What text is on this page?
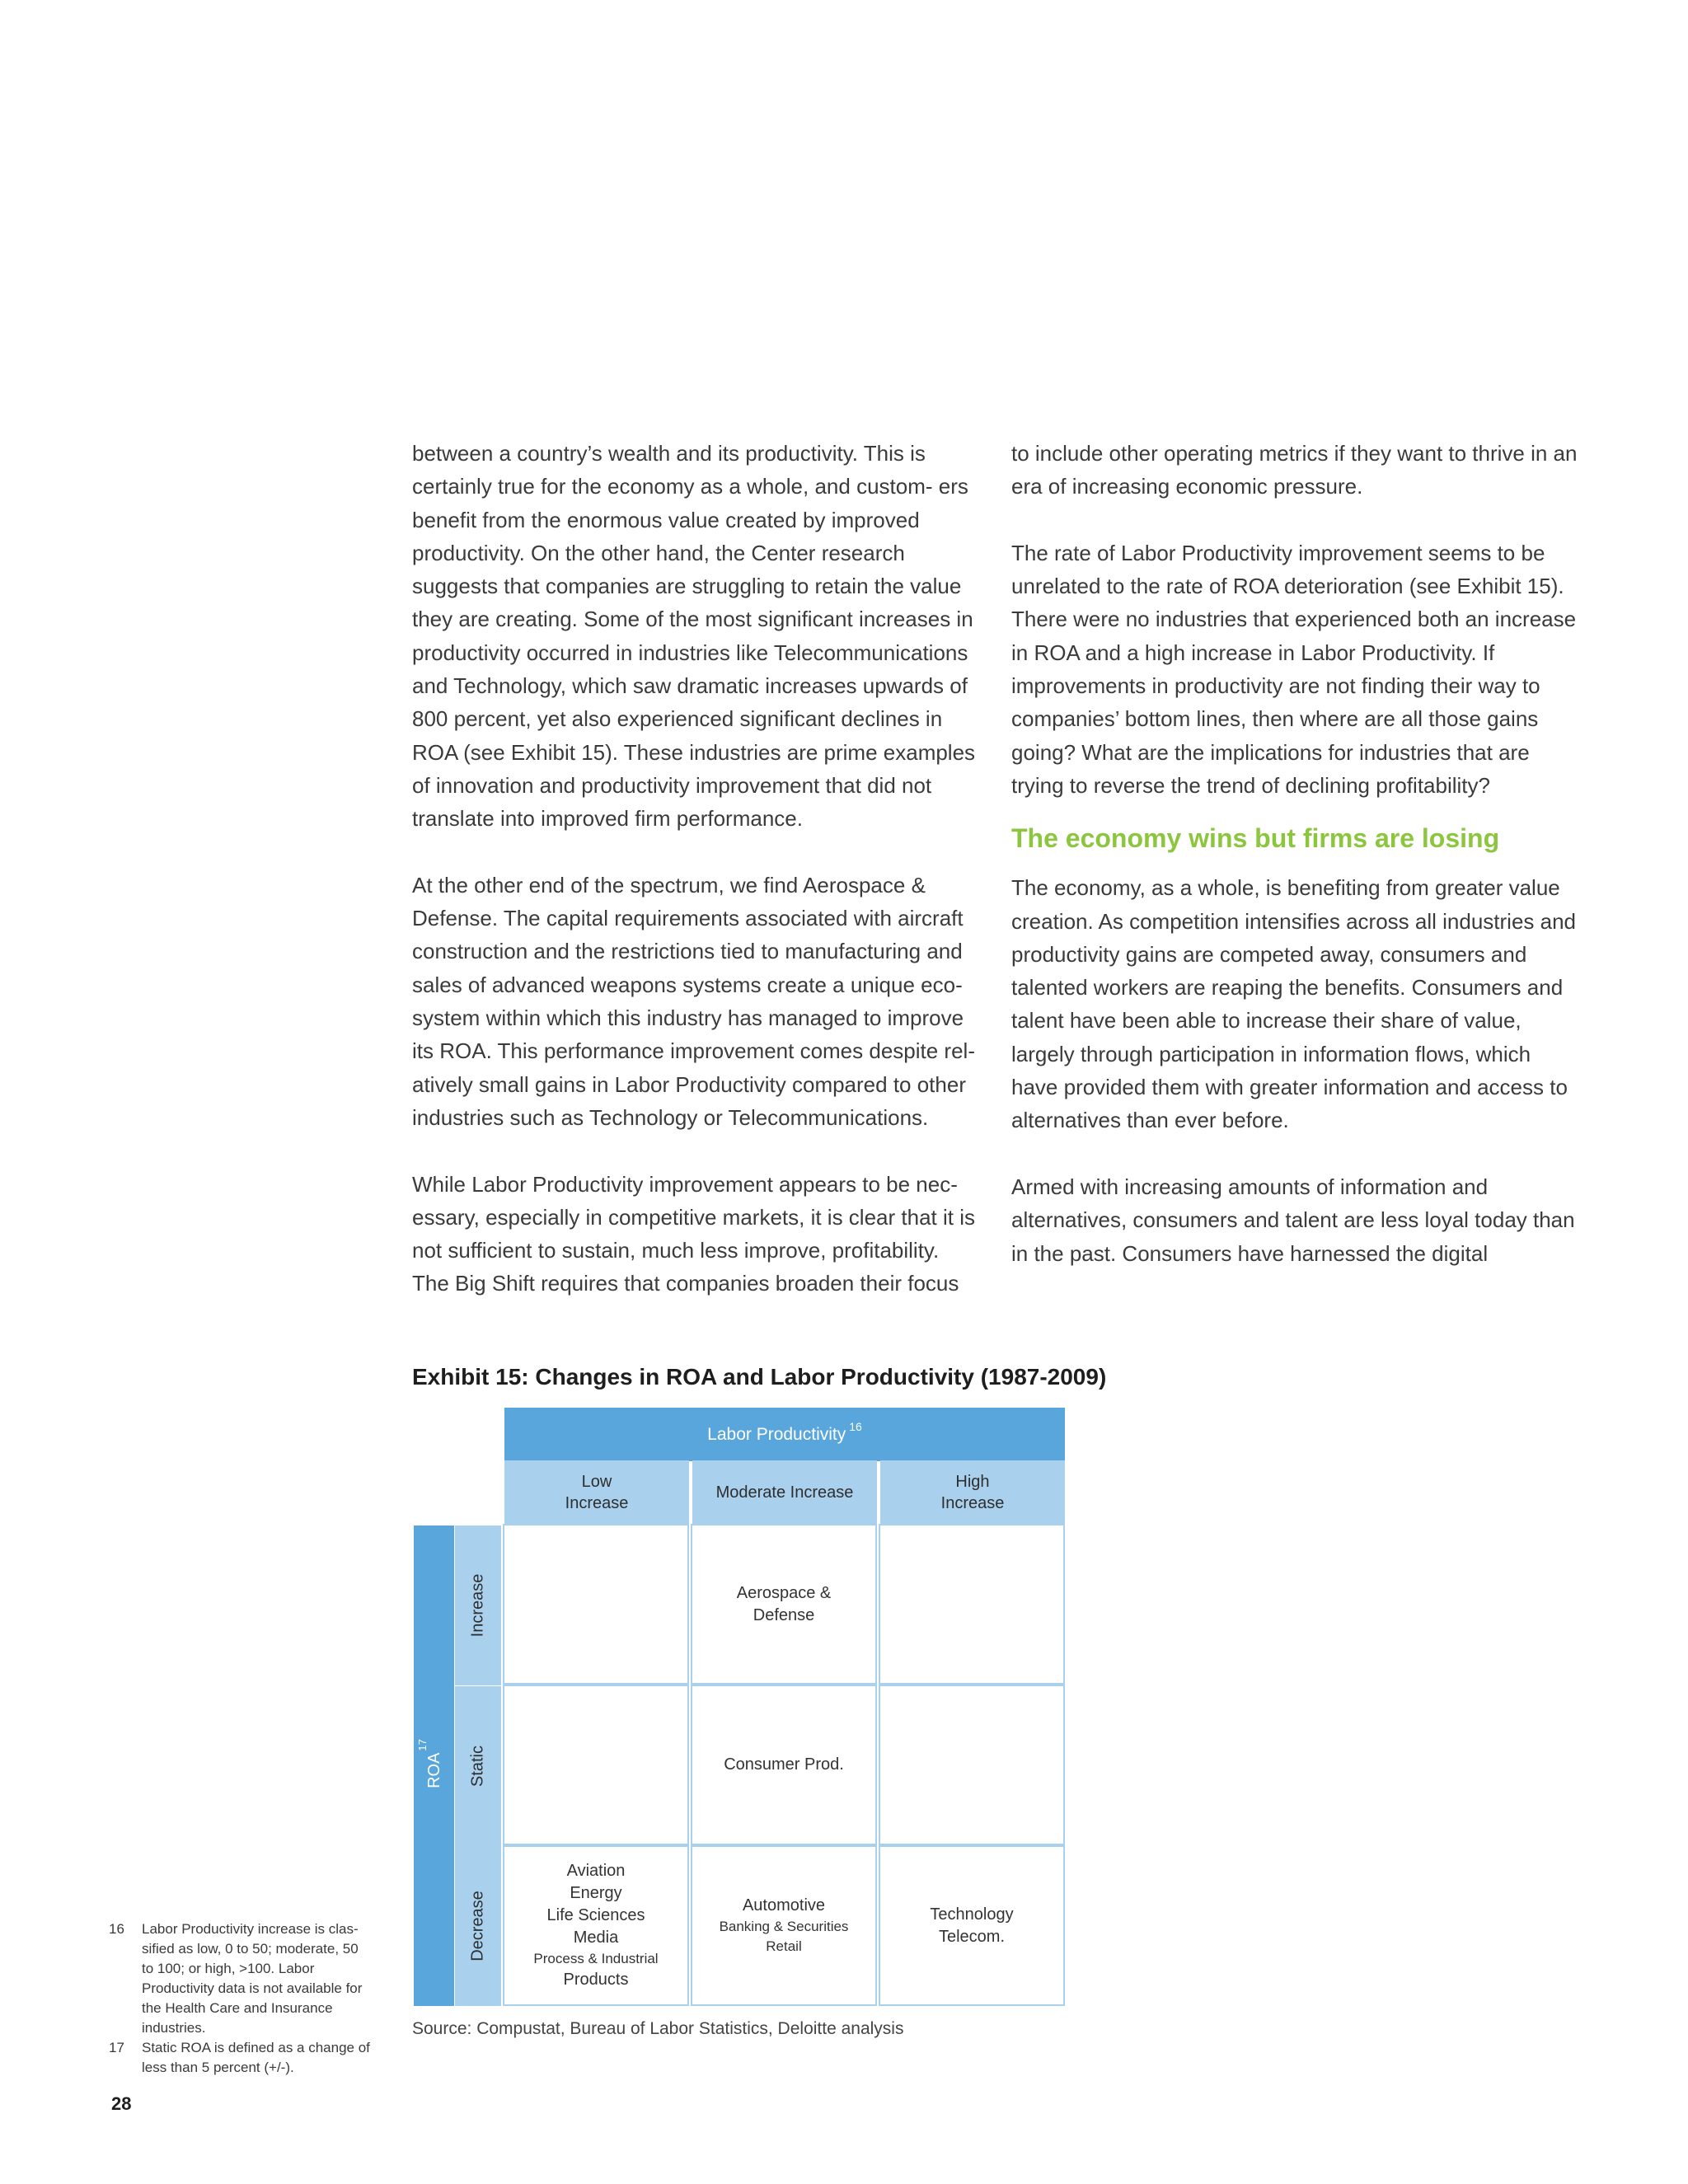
between a country’s wealth and its productivity. This is certainly true for the economy as a whole, and custom- ers benefit from the enormous value created by improved productivity. On the other hand, the Center research suggests that companies are struggling to retain the value they are creating. Some of the most significant increases in productivity occurred in industries like Telecommunications and Technology, which saw dramatic increases upwards of 800 percent, yet also experienced significant declines in ROA (see Exhibit 15). These industries are prime examples of innovation and productivity improvement that did not translate into improved firm performance.

At the other end of the spectrum, we find Aerospace & Defense. The capital requirements associated with aircraft construction and the restrictions tied to manufacturing and sales of advanced weapons systems create a unique eco- system within which this industry has managed to improve its ROA. This performance improvement comes despite rel- atively small gains in Labor Productivity compared to other industries such as Technology or Telecommunications.

While Labor Productivity improvement appears to be nec- essary, especially in competitive markets, it is clear that it is not sufficient to sustain, much less improve, profitability. The Big Shift requires that companies broaden their focus

to include other operating metrics if they want to thrive in an era of increasing economic pressure.

The rate of Labor Productivity improvement seems to be unrelated to the rate of ROA deterioration (see Exhibit 15). There were no industries that experienced both an increase in ROA and a high increase in Labor Productivity. If improvements in productivity are not finding their way to companies’ bottom lines, then where are all those gains going? What are the implications for industries that are trying to reverse the trend of declining profitability?

The economy wins but firms are losing

The economy, as a whole, is benefiting from greater value creation. As competition intensifies across all industries and productivity gains are competed away, consumers and talented workers are reaping the benefits. Consumers and talent have been able to increase their share of value, largely through participation in information flows, which have provided them with greater information and access to alternatives than ever before.

Armed with increasing amounts of information and alternatives, consumers and talent are less loyal today than in the past. Consumers have harnessed the digital

Exhibit 15: Changes in ROA and Labor Productivity (1987-2009)
Labor Productivity $^{16}$
Low
Increase
Moderate Increase
High
Increase
ROA$^{17}$
Increase
Static
Decrease
Aerospace &
Defense
Consumer Prod.
Aviation
Energy
Life Sciences
Media
Process & Industrial
Products
Automotive
Banking & Securities
Retail
Technology
Telecom.
Source: Compustat, Bureau of Labor Statistics, Deloitte analysis
16 Labor Productivity increase is clas- sified as low, 0 to 50; moderate, 50 to 100; or high, >100. Labor Productivity data is not available for the Health Care and Insurance industries.
17 Static ROA is defined as a change of less than 5 percent (+/-).
28
